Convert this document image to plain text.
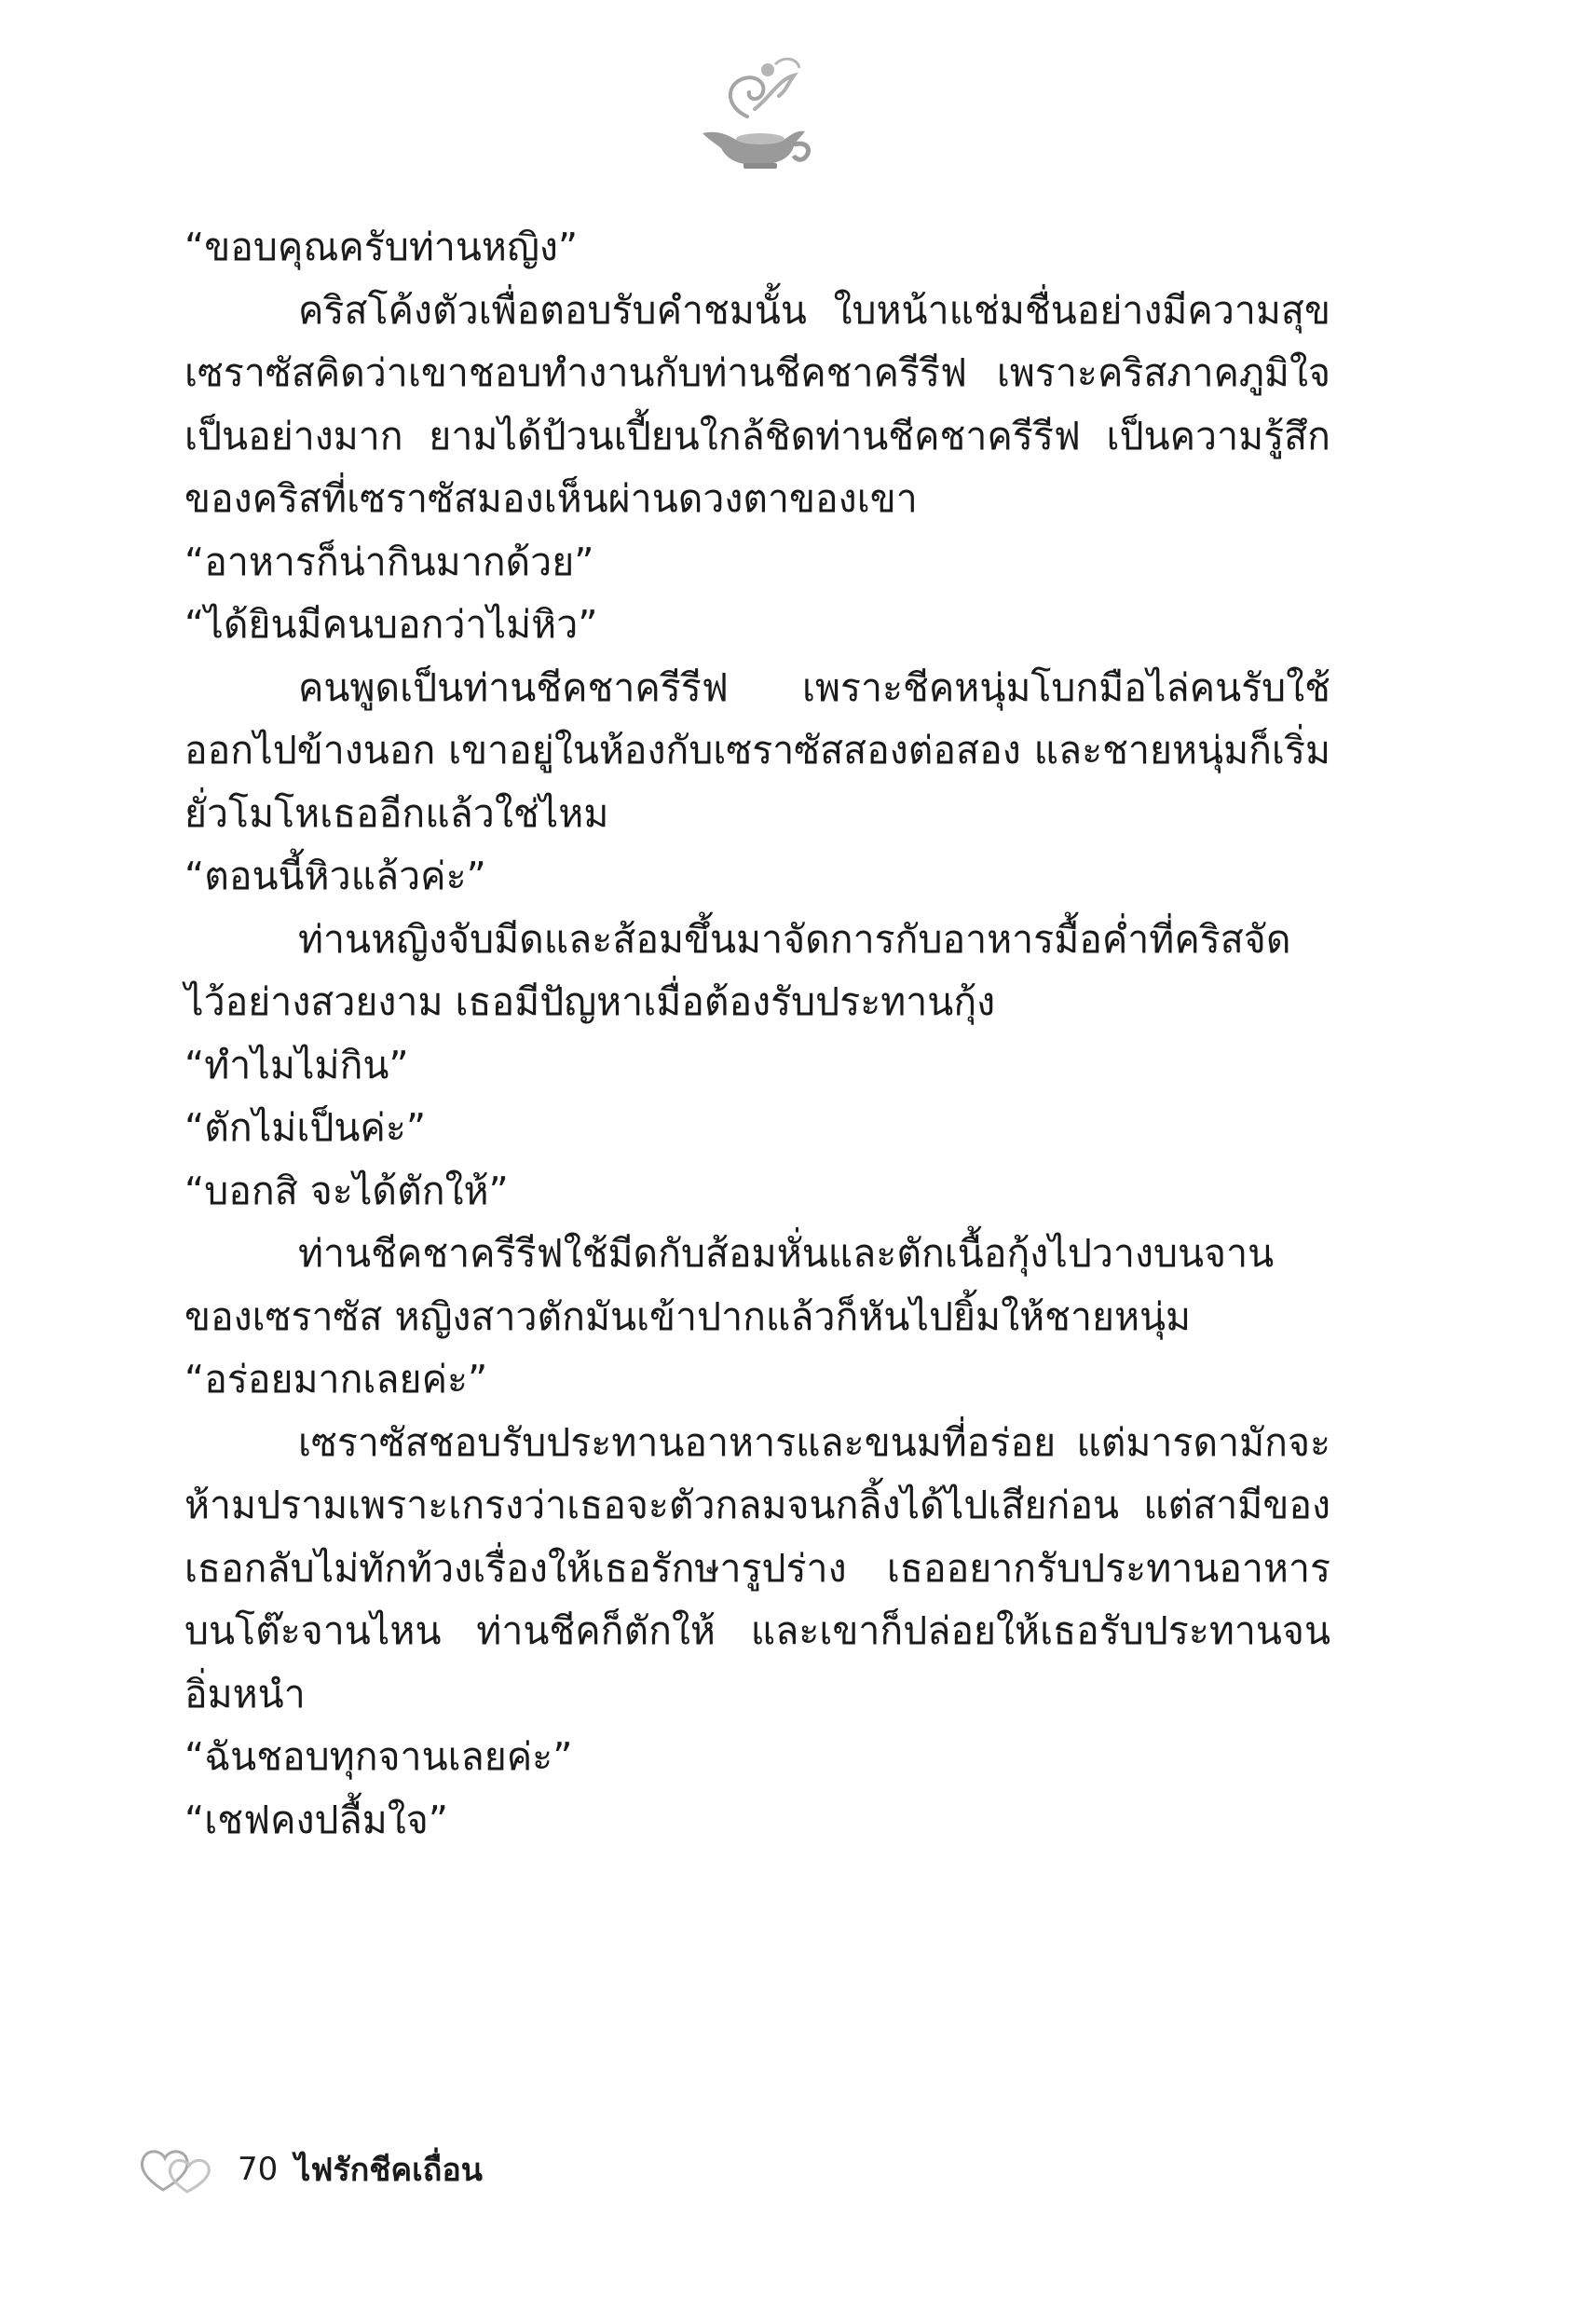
“ขอบคุณครับท่านหญิง”

คริสโค้งตัวเพื่อตอบรับคำชมนั้น ใบหน้าแช่มชื่นอย่างมีความสุข เซราซัสคิดว่าเขาชอบทำงานกับท่านชีคชาครีรีฟ เพราะคริสภาคภูมิใจเป็นอย่างมาก ยามได้ป้วนเปี้ยนใกล้ชิดท่านชีคชาครีรีฟ เป็นความรู้สึกของคริสที่เซราซัสมองเห็นผ่านดวงตาของเขา

“อาหารก็น่ากินมากด้วย”

“ได้ยินมีคนบอกว่าไม่หิว”

คนพูดเป็นท่านชีคชาครีรีฟ เพราะชีคหนุ่มโบกมือไล่คนรับใช้ออกไปข้างนอก เขาอยู่ในห้องกับเซราซัสสองต่อสอง และชายหนุ่มก็เริ่มยั่วโมโหเธออีกแล้วใช่ไหม

“ตอนนี้หิวแล้วค่ะ”

ท่านหญิงจับมีดและส้อมขึ้นมาจัดการกับอาหารมื้อค่ำที่คริสจัดไว้อย่างสวยงาม เธอมีปัญหาเมื่อต้องรับประทานกุ้ง

“ทำไมไม่กิน”

“ตักไม่เป็นค่ะ”

“บอกสิ จะได้ตักให้”

ท่านชีคชาครีรีฟใช้มีดกับส้อมหั่นและตักเนื้อกุ้งไปวางบนจานของเซราซัส หญิงสาวตักมันเข้าปากแล้วก็หันไปยิ้มให้ชายหนุ่ม

“อร่อยมากเลยค่ะ”

เซราซัสชอบรับประทานอาหารและขนมที่อร่อย แต่มารดามักจะห้ามปรามเพราะเกรงว่าเธอจะตัวกลมจนกลิ้งได้ไปเสียก่อน แต่สามีของเธอกลับไม่ทักท้วงเรื่องให้เธอรักษารูปร่าง เธออยากรับประทานอาหารบนโต๊ะจานไหน ท่านชีคก็ตักให้ และเขาก็ปล่อยให้เธอรับประทานจนอิ่มหนำ

“ฉันชอบทุกจานเลยค่ะ”

“เชฟคงปลื้มใจ”

70 ไฟรักชีคเถื่อน
